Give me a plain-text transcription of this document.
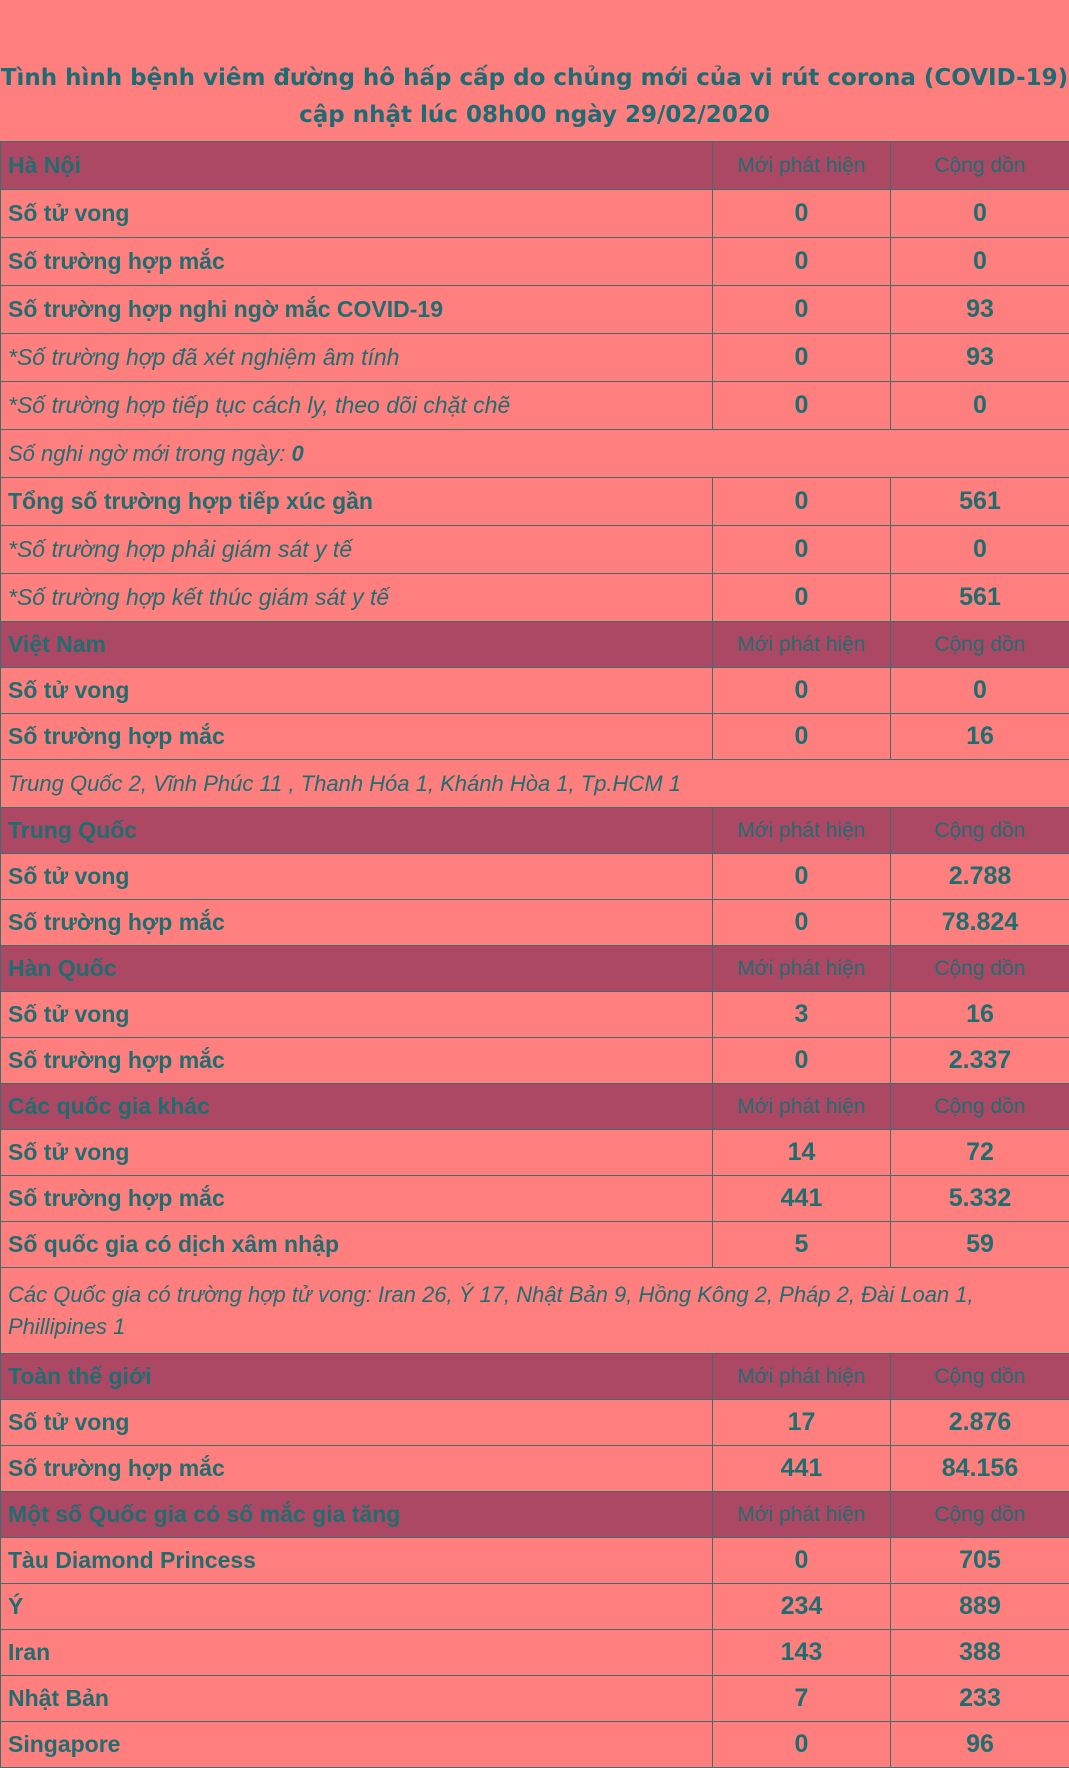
Tình hình bệnh viêm đường hô hấp cấp do chủng mới của vi rút corona (COVID-19)
cập nhật lúc 08h00 ngày 29/02/2020
Hà Nội	Mới phát hiện	Cộng dồn
Số tử vong	0	0
Số trường hợp mắc	0	0
Số trường hợp nghi ngờ mắc COVID-19	0	93
*Số trường hợp đã xét nghiệm âm tính	0	93
*Số trường hợp tiếp tục cách ly, theo dõi chặt chẽ	0	0
Số nghi ngờ mới trong ngày: 0		
Tổng số trường hợp tiếp xúc gần	0	561
*Số trường hợp phải giám sát y tế	0	0
*Số trường hợp kết thúc giám sát y tế	0	561
Việt Nam	Mới phát hiện	Cộng dồn
Số tử vong	0	0
Số trường hợp mắc	0	16
Trung Quốc 2, Vĩnh Phúc 11 , Thanh Hóa 1, Khánh Hòa 1, Tp.HCM 1		
Trung Quốc	Mới phát hiện	Cộng dồn
Số tử vong	0	2.788
Số trường hợp mắc	0	78.824
Hàn Quốc	Mới phát hiện	Cộng dồn
Số tử vong	3	16
Số trường hợp mắc	0	2.337
Các quốc gia khác	Mới phát hiện	Cộng dồn
Số tử vong	14	72
Số trường hợp mắc	441	5.332
Số quốc gia có dịch xâm nhập	5	59
Các Quốc gia có trường hợp tử vong: Iran 26, Ý 17, Nhật Bản 9, Hồng Kông 2, Pháp 2, Đài Loan 1, Phillipines 1		
Toàn thế giới	Mới phát hiện	Cộng dồn
Số tử vong	17	2.876
Số trường hợp mắc	441	84.156
Một số Quốc gia có số mắc gia tăng	Mới phát hiện	Cộng dồn
Tàu Diamond Princess	0	705
Ý	234	889
Iran	143	388
Nhật Bản	7	233
Singapore	0	96
